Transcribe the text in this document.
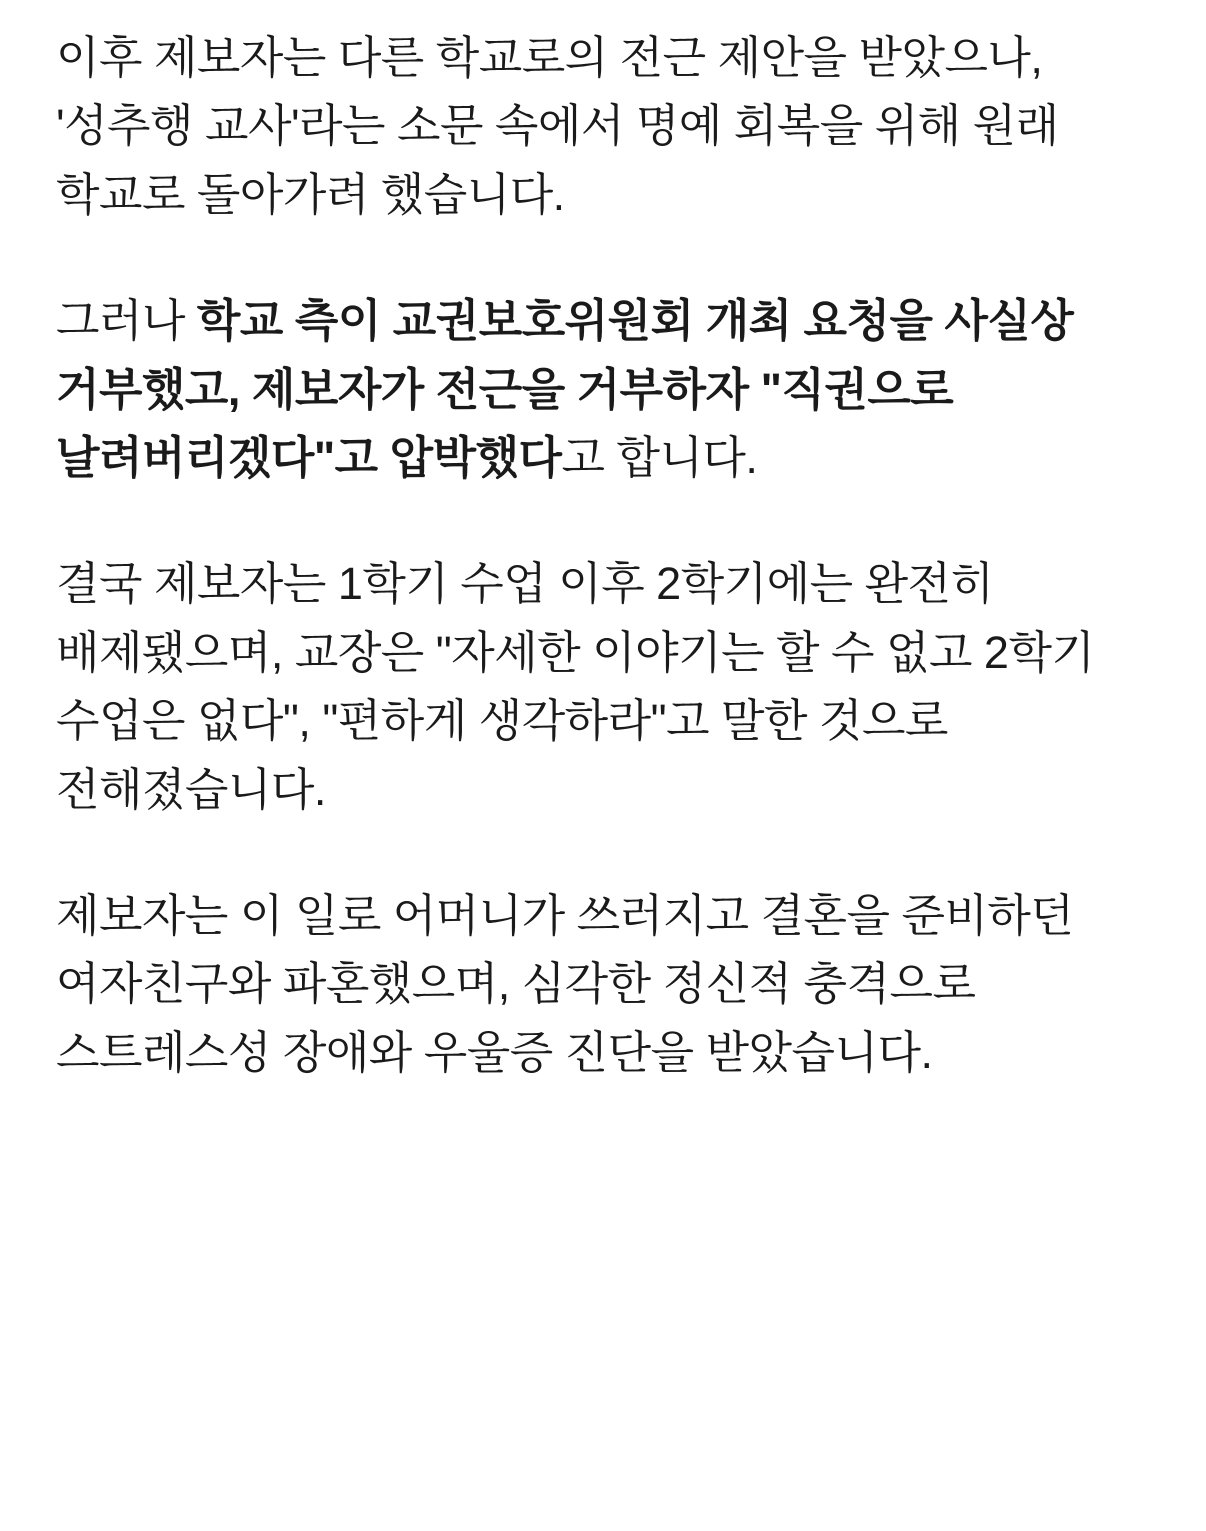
이후 제보자는 다른 학교로의 전근 제안을 받았으나, '성추행 교사'라는 소문 속에서 명예 회복을 위해 원래 학교로 돌아가려 했습니다.

그러나 학교 측이 교권보호위원회 개최 요청을 사실상 거부했고, 제보자가 전근을 거부하자 "직권으로 날려버리겠다"고 압박했다고 합니다.

결국 제보자는 1학기 수업 이후 2학기에는 완전히 배제됐으며, 교장은 "자세한 이야기는 할 수 없고 2학기 수업은 없다", "편하게 생각하라"고 말한 것으로 전해졌습니다.

제보자는 이 일로 어머니가 쓰러지고 결혼을 준비하던 여자친구와 파혼했으며, 심각한 정신적 충격으로 스트레스성 장애와 우울증 진단을 받았습니다.
